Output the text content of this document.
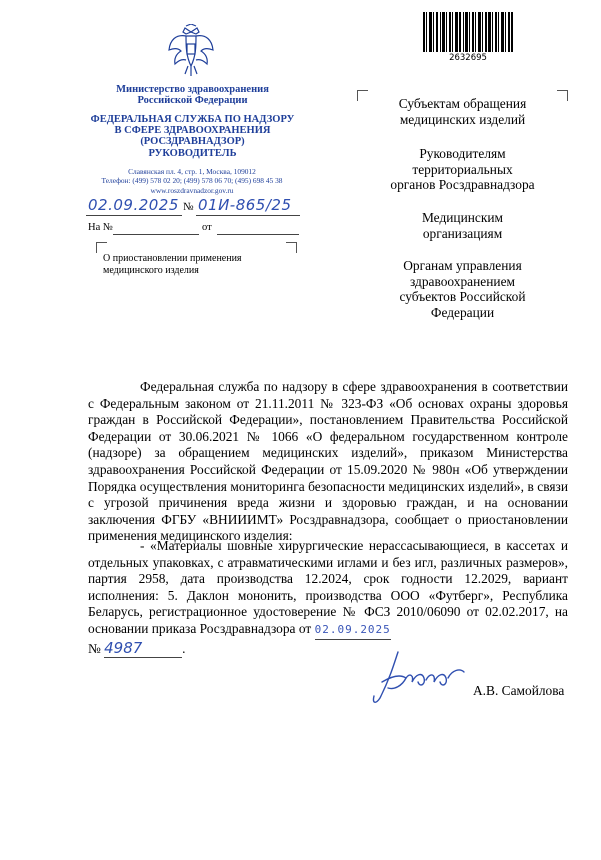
Министерство здравоохранения
Российской Федерации
ФЕДЕРАЛЬНАЯ СЛУЖБА ПО НАДЗОРУ
В СФЕРЕ ЗДРАВООХРАНЕНИЯ
(РОСЗДРАВНАДЗОР)
РУКОВОДИТЕЛЬ
Славянская пл. 4, стр. 1, Москва, 109012
Телефон: (499) 578 02 20; (499) 578 06 70; (495) 698 45 38
www.roszdravnadzor.gov.ru
02.09.2025 № 01И-865/25
На №	от
О приостановлении применения
медицинского изделия
2632695
Субъектам обращения
медицинских изделий
Руководителям
территориальных
органов Росздравнадзора
Медицинским
организациям
Органам управления
здравоохранением
субъектов Российской
Федерации
Федеральная служба по надзору в сфере здравоохранения в соответствии с Федеральным законом от 21.11.2011 № 323-ФЗ «Об основах охраны здоровья граждан в Российской Федерации», постановлением Правительства Российской Федерации от 30.06.2021 № 1066 «О федеральном государственном контроле (надзоре) за обращением медицинских изделий», приказом Министерства здравоохранения Российской Федерации от 15.09.2020 № 980н «Об утверждении Порядка осуществления мониторинга безопасности медицинских изделий», в связи с угрозой причинения вреда жизни и здоровью граждан, и на основании заключения ФГБУ «ВНИИИМТ» Росздравнадзора, сообщает о приостановлении применения медицинского изделия:
- «Материалы шовные хирургические нерассасывающиеся, в кассетах и отдельных упаковках, с атравматическими иглами и без игл, различных размеров», партия 2958, дата производства 12.2024, срок годности 12.2029, вариант исполнения: 5. Даклон мононить, производства ООО «Футберг», Республика Беларусь, регистрационное удостоверение № ФСЗ 2010/06090 от 02.02.2017, на основании приказа Росздравнадзора от 02.09.2025
№ 4987	.
А.В. Самойлова
